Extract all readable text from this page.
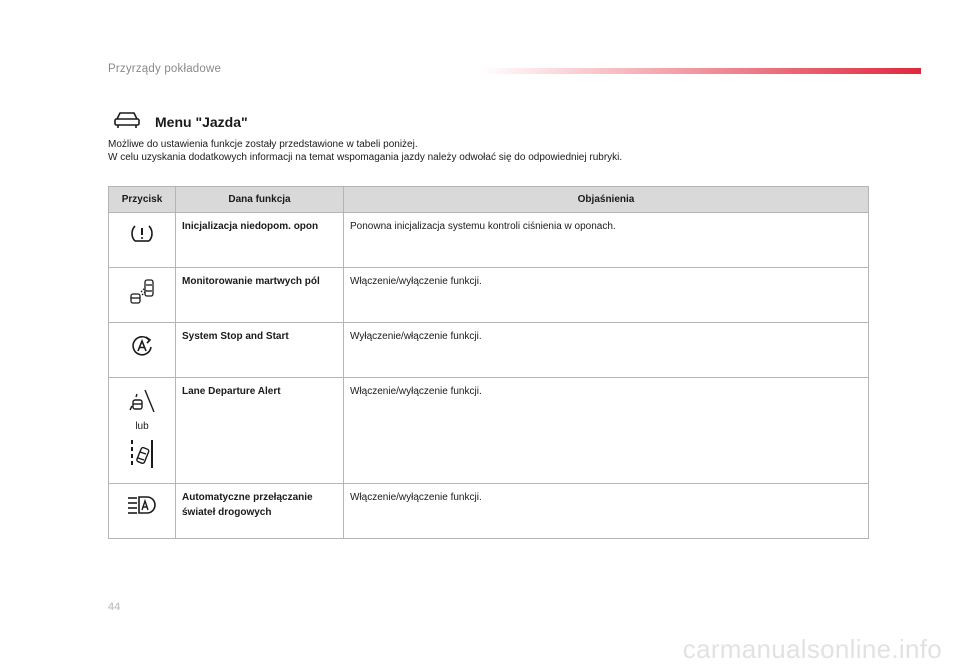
Przyrządy pokładowe
Menu "Jazda"
Możliwe do ustawienia funkcje zostały przedstawione w tabeli poniżej.
W celu uzyskania dodatkowych informacji na temat wspomagania jazdy należy odwołać się do odpowiedniej rubryki.
Przycisk	Dana funkcja	Objaśnienia
	Inicjalizacja niedopom. opon	Ponowna inicjalizacja systemu kontroli ciśnienia w oponach.
	Monitorowanie martwych pól	Włączenie/wyłączenie funkcji.
	System Stop and Start	Wyłączenie/włączenie funkcji.

lub	Lane Departure Alert	Włączenie/wyłączenie funkcji.
	Automatyczne przełączanie świateł drogowych	Włączenie/wyłączenie funkcji.
44
carmanualsonline.info
